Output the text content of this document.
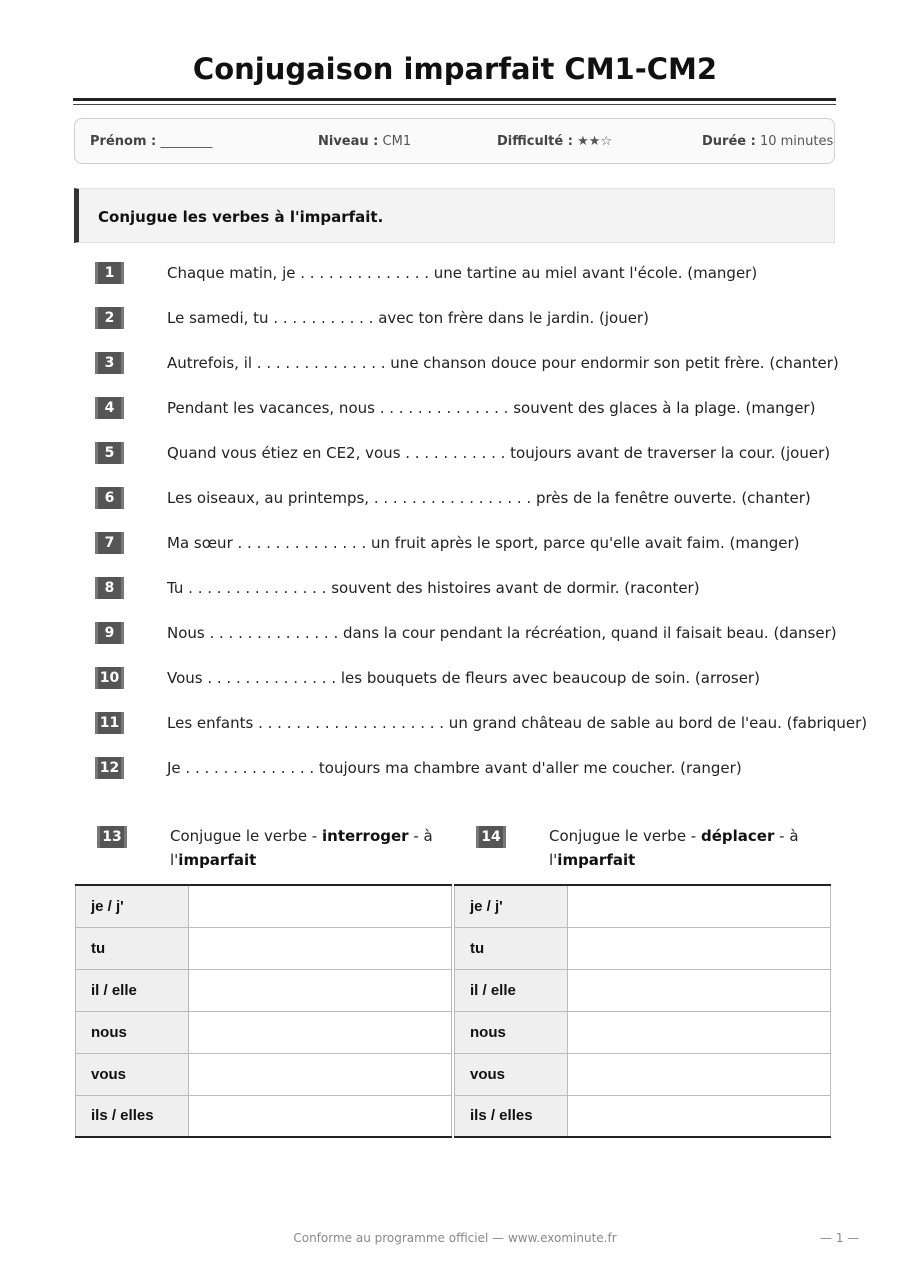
Conjugaison imparfait CM1-CM2
Prénom : ________	Niveau : CM1	Difficulté : ★★☆	Durée : 10 minutes
Conjugue les verbes à l'imparfait.
1	Chaque matin, je . . . . . . . . . . . . . . une tartine au miel avant l'école. (manger)
2	Le samedi, tu . . . . . . . . . . . avec ton frère dans le jardin. (jouer)
3	Autrefois, il . . . . . . . . . . . . . . une chanson douce pour endormir son petit frère. (chanter)
4	Pendant les vacances, nous . . . . . . . . . . . . . . souvent des glaces à la plage. (manger)
5	Quand vous étiez en CE2, vous . . . . . . . . . . . toujours avant de traverser la cour. (jouer)
6	Les oiseaux, au printemps, . . . . . . . . . . . . . . . . . près de la fenêtre ouverte. (chanter)
7	Ma sœur . . . . . . . . . . . . . . un fruit après le sport, parce qu'elle avait faim. (manger)
8	Tu . . . . . . . . . . . . . . . souvent des histoires avant de dormir. (raconter)
9	Nous . . . . . . . . . . . . . . dans la cour pendant la récréation, quand il faisait beau. (danser)
10	Vous . . . . . . . . . . . . . . les bouquets de fleurs avec beaucoup de soin. (arroser)
11	Les enfants . . . . . . . . . . . . . . . . . . . . un grand château de sable au bord de l'eau. (fabriquer)
12	Je . . . . . . . . . . . . . . toujours ma chambre avant d'aller me coucher. (ranger)
13	Conjugue le verbe - interroger - à
l'imparfait
14	Conjugue le verbe - déplacer - à
l'imparfait
je / j'	
tu	
il / elle	
nous	
vous	
ils / elles	
je / j'	
tu	
il / elle	
nous	
vous	
ils / elles	
Conforme au programme officiel — www.exominute.fr	— 1 —
